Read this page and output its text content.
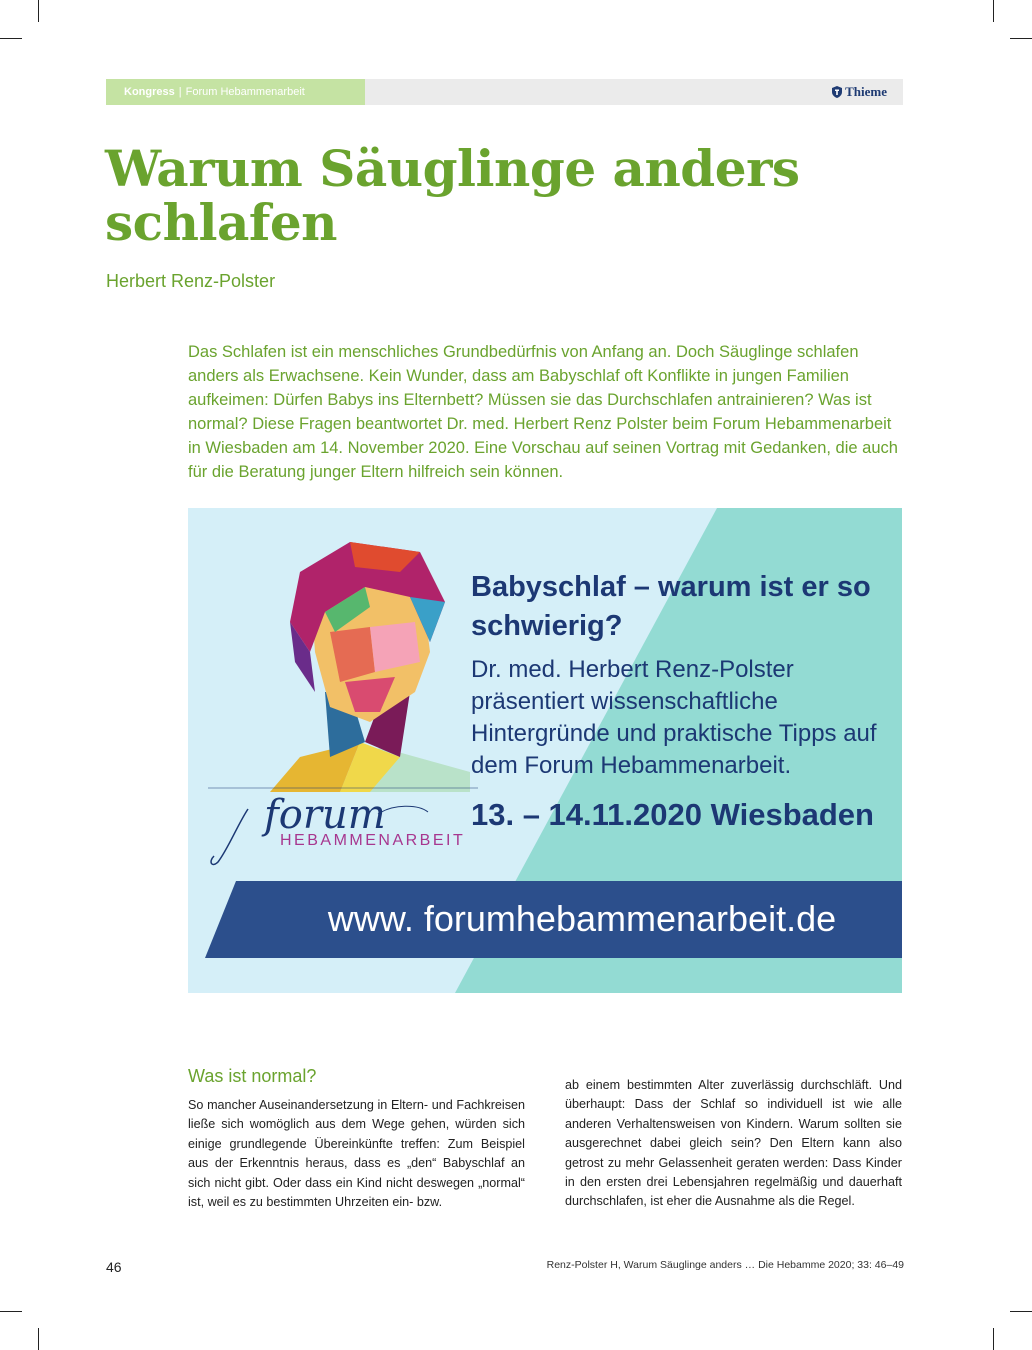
Kongress | Forum Hebammenarbeit	Thieme
Warum Säuglinge anders schlafen

Herbert Renz-Polster

Das Schlafen ist ein menschliches Grundbedürfnis von Anfang an. Doch Säuglinge schlafen anders als Erwachsene. Kein Wunder, dass am Babyschlaf oft Konflikte in jungen Familien aufkeimen: Dürfen Babys ins Elternbett? Müssen sie das Durchschlafen antrainieren? Was ist normal? Diese Fragen beantwortet Dr. med. Herbert Renz Polster beim Forum Hebammenarbeit in Wiesbaden am 14. November 2020. Eine Vorschau auf seinen Vortrag mit Gedanken, die auch für die Beratung junger Eltern hilfreich sein können.

Babyschlaf – warum ist er so schwierig?

Dr. med. Herbert Renz-Polster präsentiert wissenschaftliche Hintergründe und praktische Tipps auf dem Forum Hebammenarbeit.

13. – 14.11.2020 Wiesbaden

forum
HEBAMMENARBEIT

www. forumhebammenarbeit.de

Was ist normal?

So mancher Auseinandersetzung in Eltern- und Fachkreisen ließe sich womöglich aus dem Wege gehen, würden sich einige grundlegende Übereinkünfte treffen: Zum Beispiel aus der Erkenntnis heraus, dass es „den“ Babyschlaf an sich nicht gibt. Oder dass ein Kind nicht deswegen „normal“ ist, weil es zu bestimmten Uhrzeiten ein- bzw.

ab einem bestimmten Alter zuverlässig durchschläft. Und überhaupt: Dass der Schlaf so individuell ist wie alle anderen Verhaltensweisen von Kindern. Warum sollten sie ausgerechnet dabei gleich sein? Den Eltern kann also getrost zu mehr Gelassenheit geraten werden: Dass Kinder in den ersten drei Lebensjahren regelmäßig und dauerhaft durchschlafen, ist eher die Ausnahme als die Regel.

46	Renz-Polster H, Warum Säuglinge anders … Die Hebamme 2020; 33: 46–49
